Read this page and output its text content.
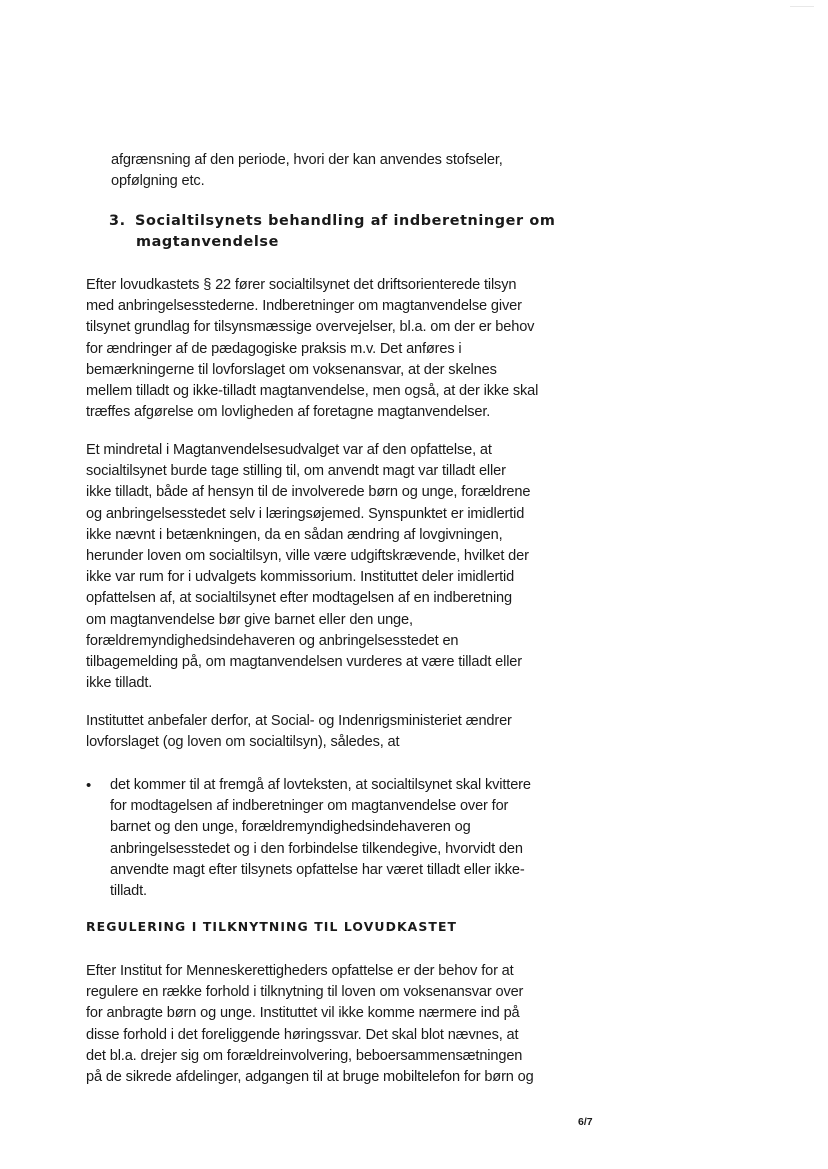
afgrænsning af den periode, hvori der kan anvendes stofseler,
opfølgning etc.
3. Socialtilsynets behandling af indberetninger om
magtanvendelse
Efter lovudkastets § 22 fører socialtilsynet det driftsorienterede tilsyn
med anbringelsesstederne. Indberetninger om magtanvendelse giver
tilsynet grundlag for tilsynsmæssige overvejelser, bl.a. om der er behov
for ændringer af de pædagogiske praksis m.v. Det anføres i
bemærkningerne til lovforslaget om voksenansvar, at der skelnes
mellem tilladt og ikke-tilladt magtanvendelse, men også, at der ikke skal
træffes afgørelse om lovligheden af foretagne magtanvendelser.
Et mindretal i Magtanvendelsesudvalget var af den opfattelse, at
socialtilsynet burde tage stilling til, om anvendt magt var tilladt eller
ikke tilladt, både af hensyn til de involverede børn og unge, forældrene
og anbringelsesstedet selv i læringsøjemed. Synspunktet er imidlertid
ikke nævnt i betænkningen, da en sådan ændring af lovgivningen,
herunder loven om socialtilsyn, ville være udgiftskrævende, hvilket der
ikke var rum for i udvalgets kommissorium. Instituttet deler imidlertid
opfattelsen af, at socialtilsynet efter modtagelsen af en indberetning
om magtanvendelse bør give barnet eller den unge,
forældremyndighedsindehaveren og anbringelsesstedet en
tilbagemelding på, om magtanvendelsen vurderes at være tilladt eller
ikke tilladt.
Instituttet anbefaler derfor, at Social- og Indenrigsministeriet ændrer
lovforslaget (og loven om socialtilsyn), således, at
• det kommer til at fremgå af lovteksten, at socialtilsynet skal kvittere
for modtagelsen af indberetninger om magtanvendelse over for
barnet og den unge, forældremyndighedsindehaveren og
anbringelsesstedet og i den forbindelse tilkendegive, hvorvidt den
anvendte magt efter tilsynets opfattelse har været tilladt eller ikke-
tilladt.
REGULERING I TILKNYTNING TIL LOVUDKASTET
Efter Institut for Menneskerettigheders opfattelse er der behov for at
regulere en række forhold i tilknytning til loven om voksenansvar over
for anbragte børn og unge. Instituttet vil ikke komme nærmere ind på
disse forhold i det foreliggende høringssvar. Det skal blot nævnes, at
det bl.a. drejer sig om forældreinvolvering, beboersammensætningen
på de sikrede afdelinger, adgangen til at bruge mobiltelefon for børn og
6/7
